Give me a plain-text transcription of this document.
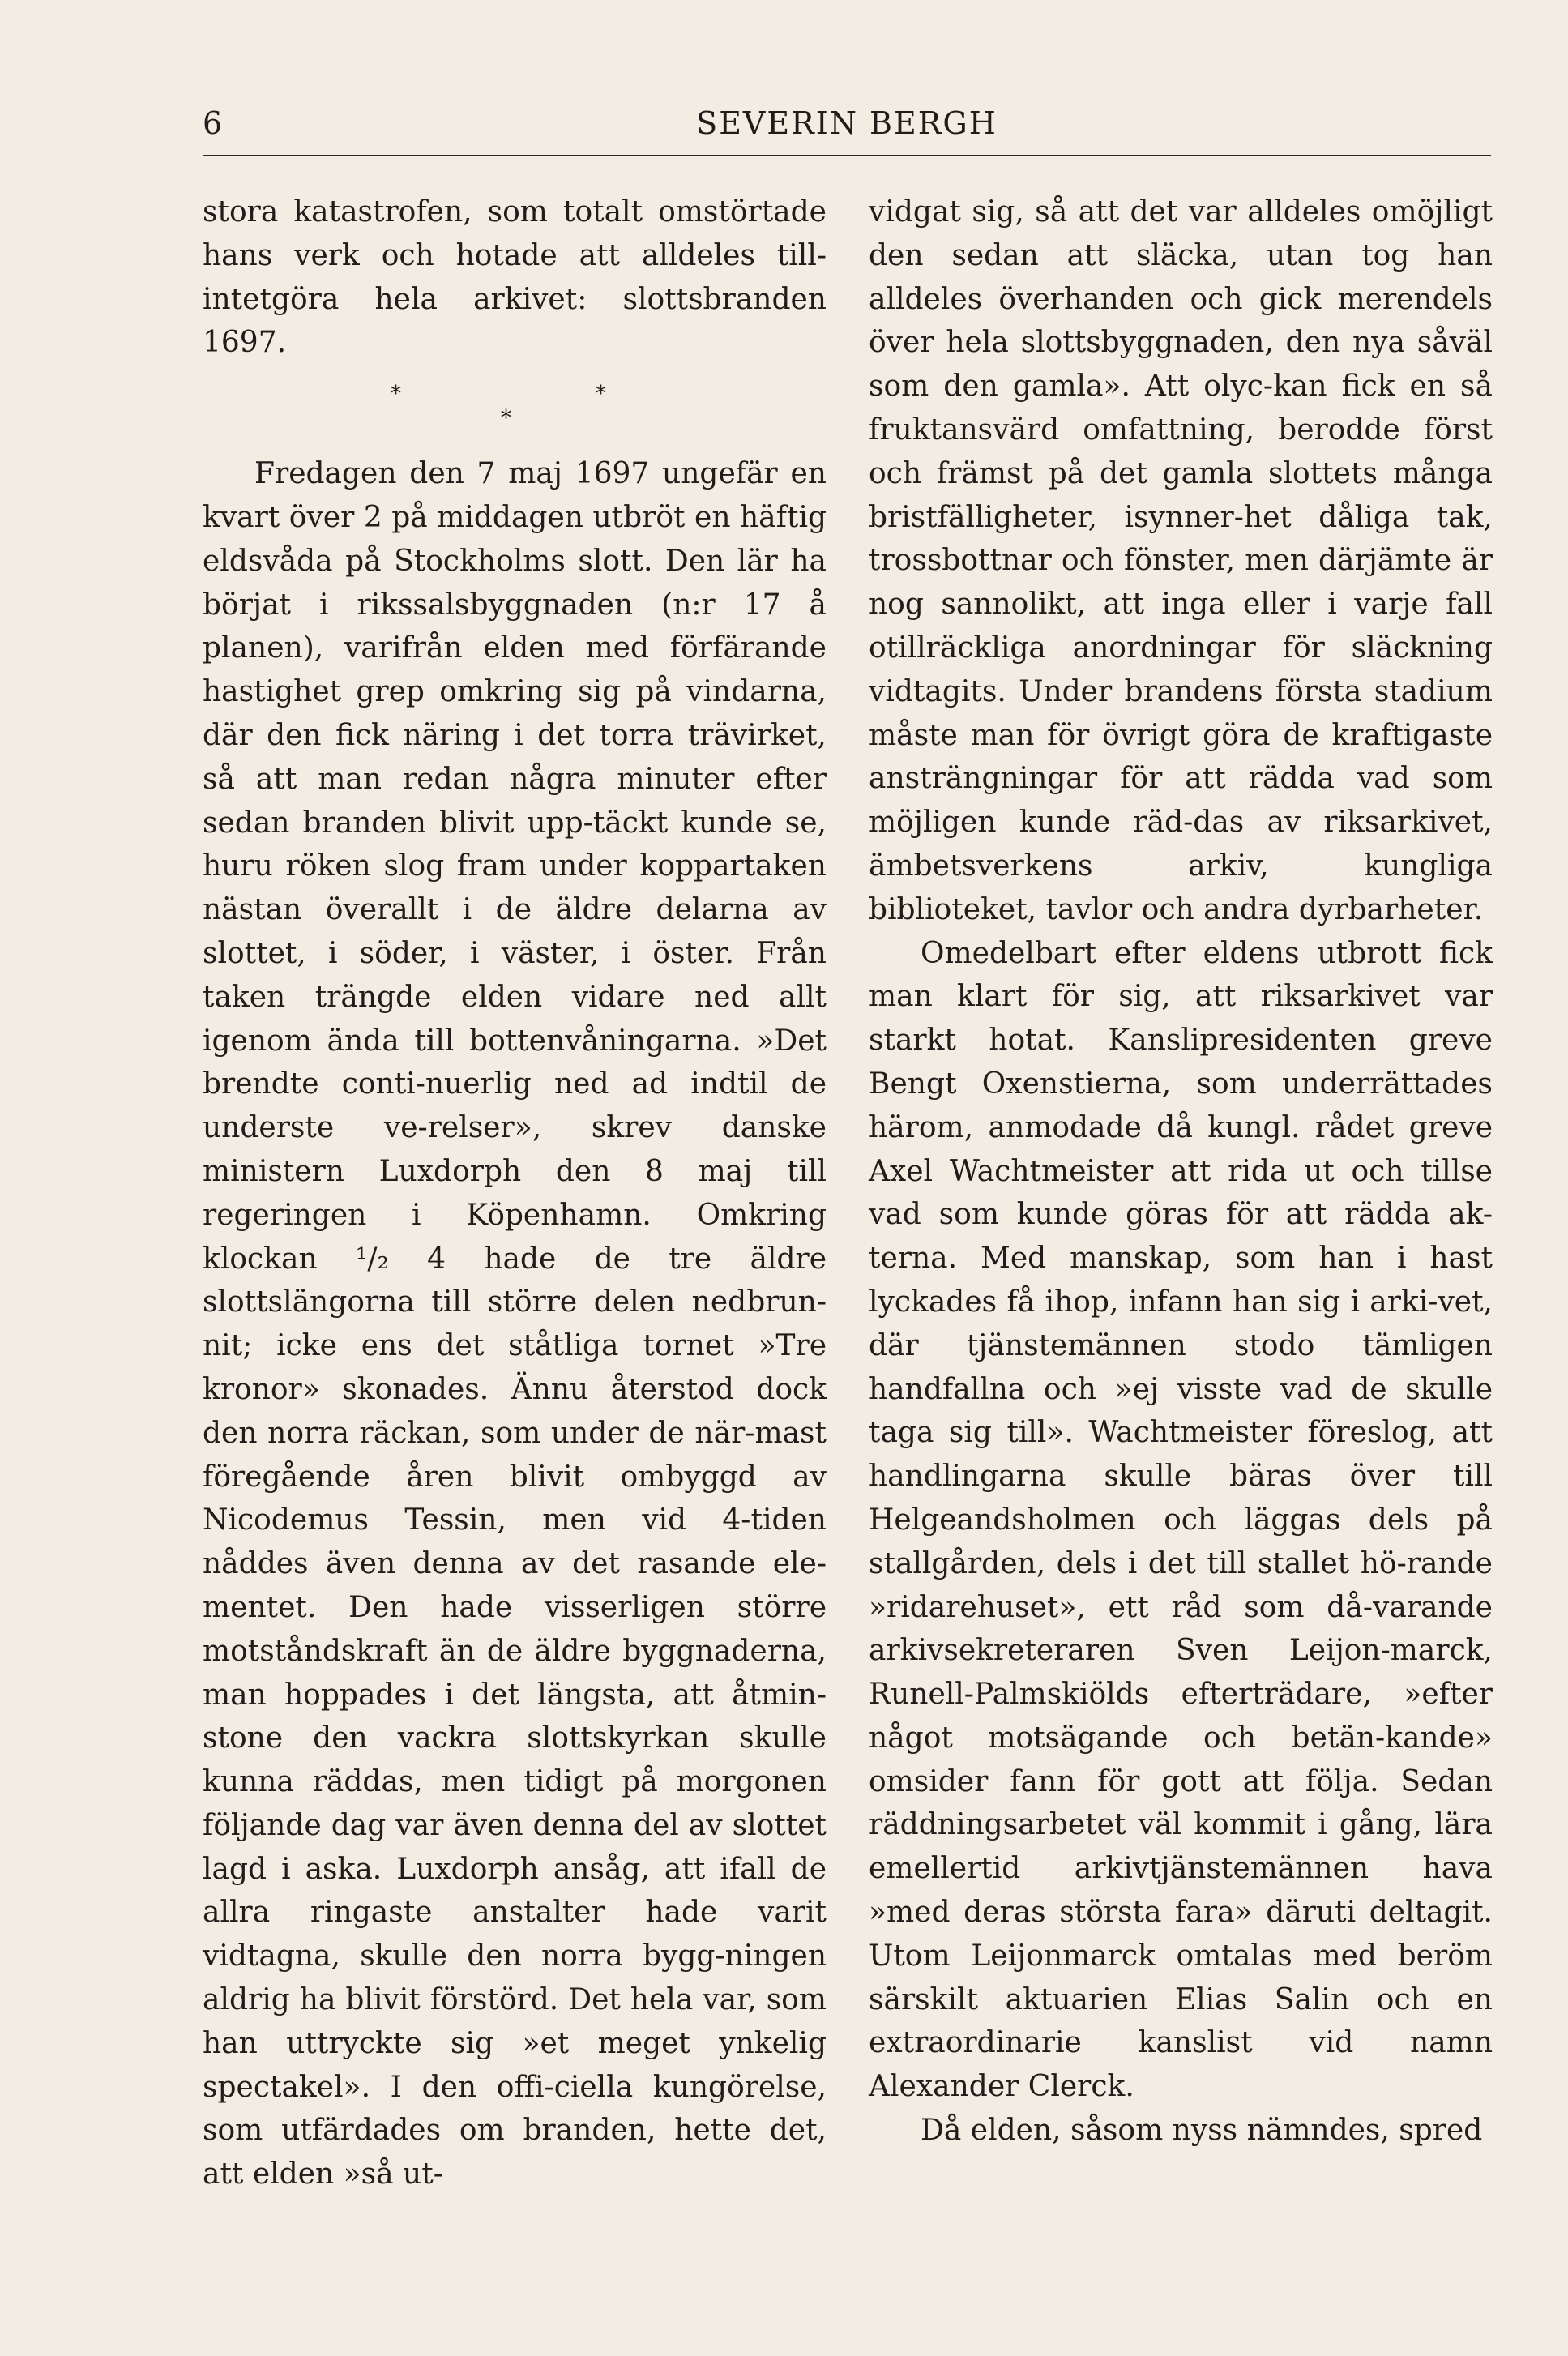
6	SEVERIN BERGH

stora katastrofen, som totalt omstörtade hans verk och hotade att alldeles till-intetgöra hela arkivet: slottsbranden 1697.

*
*
*

Fredagen den 7 maj 1697 ungefär en kvart över 2 på middagen utbröt en häftig eldsvåda på Stockholms slott. Den lär ha börjat i rikssalsbyggnaden (n:r 17 å planen), varifrån elden med förfärande hastighet grep omkring sig på vindarna, där den fick näring i det torra trävirket, så att man redan några minuter efter sedan branden blivit upp-täckt kunde se, huru röken slog fram under koppartaken nästan överallt i de äldre delarna av slottet, i söder, i väster, i öster. Från taken trängde elden vidare ned allt igenom ända till bottenvåningarna. »Det brendte conti-nuerlig ned ad indtil de underste ve-relser», skrev danske ministern Luxdorph den 8 maj till regeringen i Köpenhamn. Omkring klockan ¹/₂ 4 hade de tre äldre slottslängorna till större delen nedbrun-nit; icke ens det ståtliga tornet »Tre kronor» skonades. Ännu återstod dock den norra räckan, som under de när-mast föregående åren blivit ombyggd av Nicodemus Tessin, men vid 4-tiden nåddes även denna av det rasande ele-mentet. Den hade visserligen större motståndskraft än de äldre byggnaderna, man hoppades i det längsta, att åtmin-stone den vackra slottskyrkan skulle kunna räddas, men tidigt på morgonen följande dag var även denna del av slottet lagd i aska. Luxdorph ansåg, att ifall de allra ringaste anstalter hade varit vidtagna, skulle den norra bygg-ningen aldrig ha blivit förstörd. Det hela var, som han uttryckte sig »et meget ynkelig spectakel». I den offi-ciella kungörelse, som utfärdades om branden, hette det, att elden »så ut-

vidgat sig, så att det var alldeles omöjligt den sedan att släcka, utan tog han alldeles överhanden och gick merendels över hela slottsbyggnaden, den nya såväl som den gamla». Att olyc-kan fick en så fruktansvärd omfattning, berodde först och främst på det gamla slottets många bristfälligheter, isynner-het dåliga tak, trossbottnar och fönster, men därjämte är nog sannolikt, att inga eller i varje fall otillräckliga anordningar för släckning vidtagits. Under brandens första stadium måste man för övrigt göra de kraftigaste ansträngningar för att rädda vad som möjligen kunde räd-das av riksarkivet, ämbetsverkens arkiv, kungliga biblioteket, tavlor och andra dyrbarheter.

Omedelbart efter eldens utbrott fick man klart för sig, att riksarkivet var starkt hotat. Kanslipresidenten greve Bengt Oxenstierna, som underrättades härom, anmodade då kungl. rådet greve Axel Wachtmeister att rida ut och tillse vad som kunde göras för att rädda ak-terna. Med manskap, som han i hast lyckades få ihop, infann han sig i arki-vet, där tjänstemännen stodo tämligen handfallna och »ej visste vad de skulle taga sig till». Wachtmeister föreslog, att handlingarna skulle bäras över till Helgeandsholmen och läggas dels på stallgården, dels i det till stallet hö-rande »ridarehuset», ett råd som då-varande arkivsekreteraren Sven Leijon-marck, Runell-Palmskiölds efterträdare, »efter något motsägande och betän-kande» omsider fann för gott att följa. Sedan räddningsarbetet väl kommit i gång, lära emellertid arkivtjänstemännen hava »med deras största fara» däruti deltagit. Utom Leijonmarck omtalas med beröm särskilt aktuarien Elias Salin och en extraordinarie kanslist vid namn Alexander Clerck.

Då elden, såsom nyss nämndes, spred
